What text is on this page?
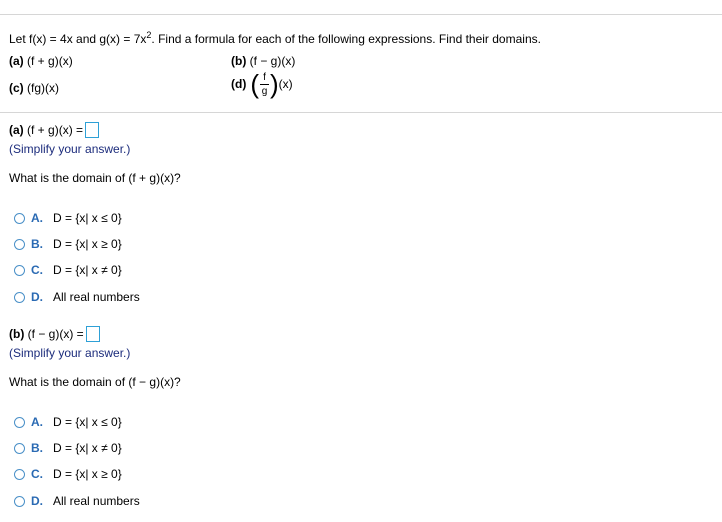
Let f(x) = 4x and $g(x) = 7x^2$. Find a formula for each of the following expressions. Find their domains.
(a) (f + g)(x)	(b) (f − g)(x)
(c) (fg)(x)	(d) ( f
g ) (x)
(a) (f + g)(x) =
(Simplify your answer.)
What is the domain of (f + g)(x)?
A. D = {x| x ≤ 0}
B. D = {x| x ≥ 0}
C. D = {x| x ≠ 0}
D. All real numbers
(b) (f − g)(x) =
(Simplify your answer.)
What is the domain of (f − g)(x)?
A. D = {x| x ≤ 0}
B. D = {x| x ≠ 0}
C. D = {x| x ≥ 0}
D. All real numbers
